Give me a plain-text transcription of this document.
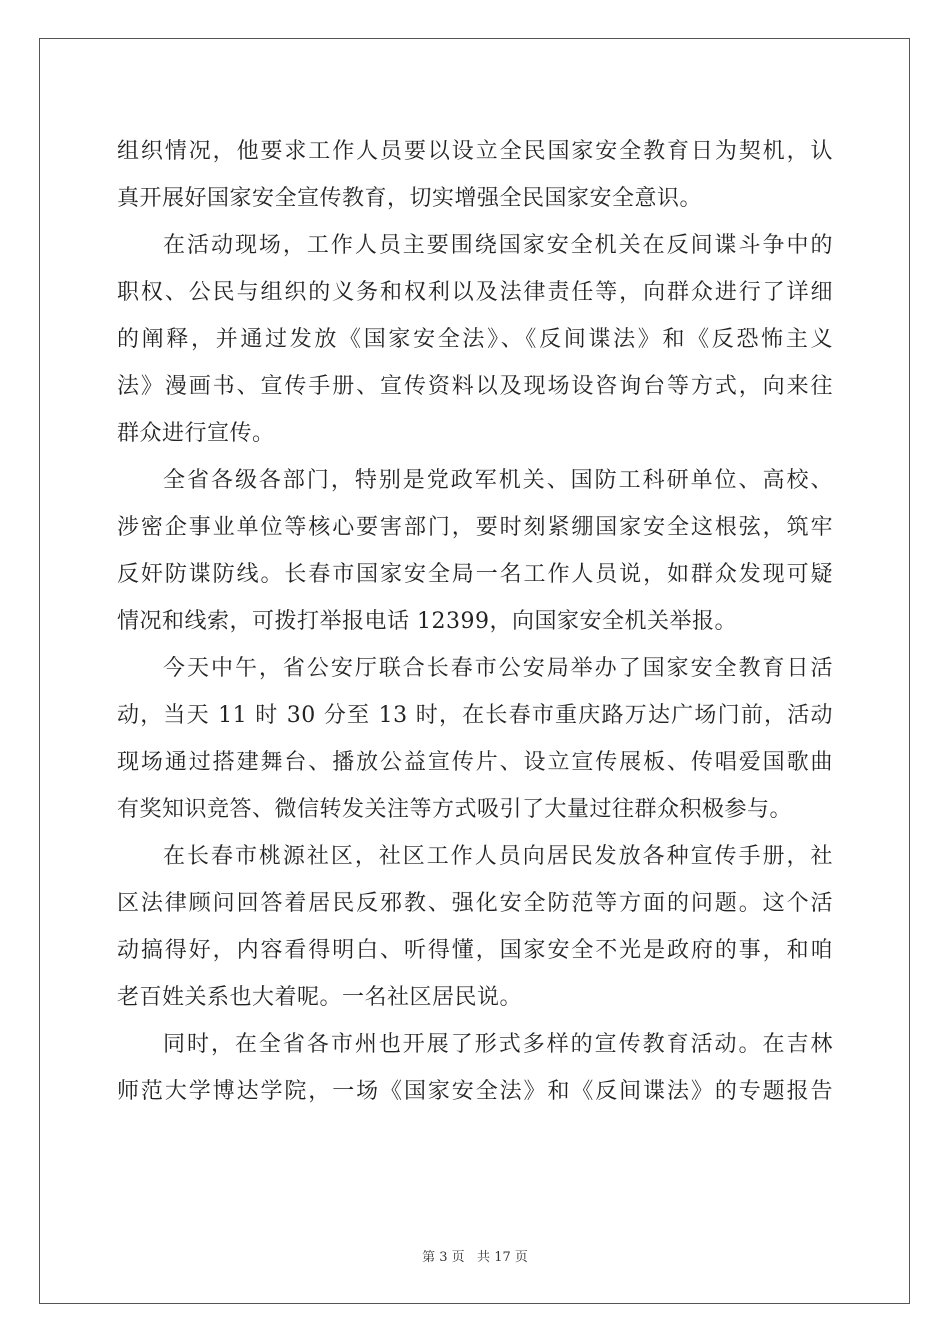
组织情况，他要求工作人员要以设立全民国家安全教育日为契机，认
真开展好国家安全宣传教育，切实增强全民国家安全意识。
在活动现场，工作人员主要围绕国家安全机关在反间谍斗争中的
职权、公民与组织的义务和权利以及法律责任等，向群众进行了详细
的阐释，并通过发放《国家安全法》、《反间谍法》和《反恐怖主义
法》漫画书、宣传手册、宣传资料以及现场设咨询台等方式，向来往
群众进行宣传。
全省各级各部门，特别是党政军机关、国防工科研单位、高校、
涉密企事业单位等核心要害部门，要时刻紧绷国家安全这根弦，筑牢
反奸防谍防线。长春市国家安全局一名工作人员说，如群众发现可疑
情况和线索，可拨打举报电话 12399，向国家安全机关举报。
今天中午，省公安厅联合长春市公安局举办了国家安全教育日活
动，当天 11 时 30 分至 13 时，在长春市重庆路万达广场门前，活动
现场通过搭建舞台、播放公益宣传片、设立宣传展板、传唱爱国歌曲
有奖知识竞答、微信转发关注等方式吸引了大量过往群众积极参与。
在长春市桃源社区，社区工作人员向居民发放各种宣传手册，社
区法律顾问回答着居民反邪教、强化安全防范等方面的问题。这个活
动搞得好，内容看得明白、听得懂，国家安全不光是政府的事，和咱
老百姓关系也大着呢。一名社区居民说。
同时，在全省各市州也开展了形式多样的宣传教育活动。在吉林
师范大学博达学院，一场《国家安全法》和《反间谍法》的专题报告
第 3 页   共 17 页
